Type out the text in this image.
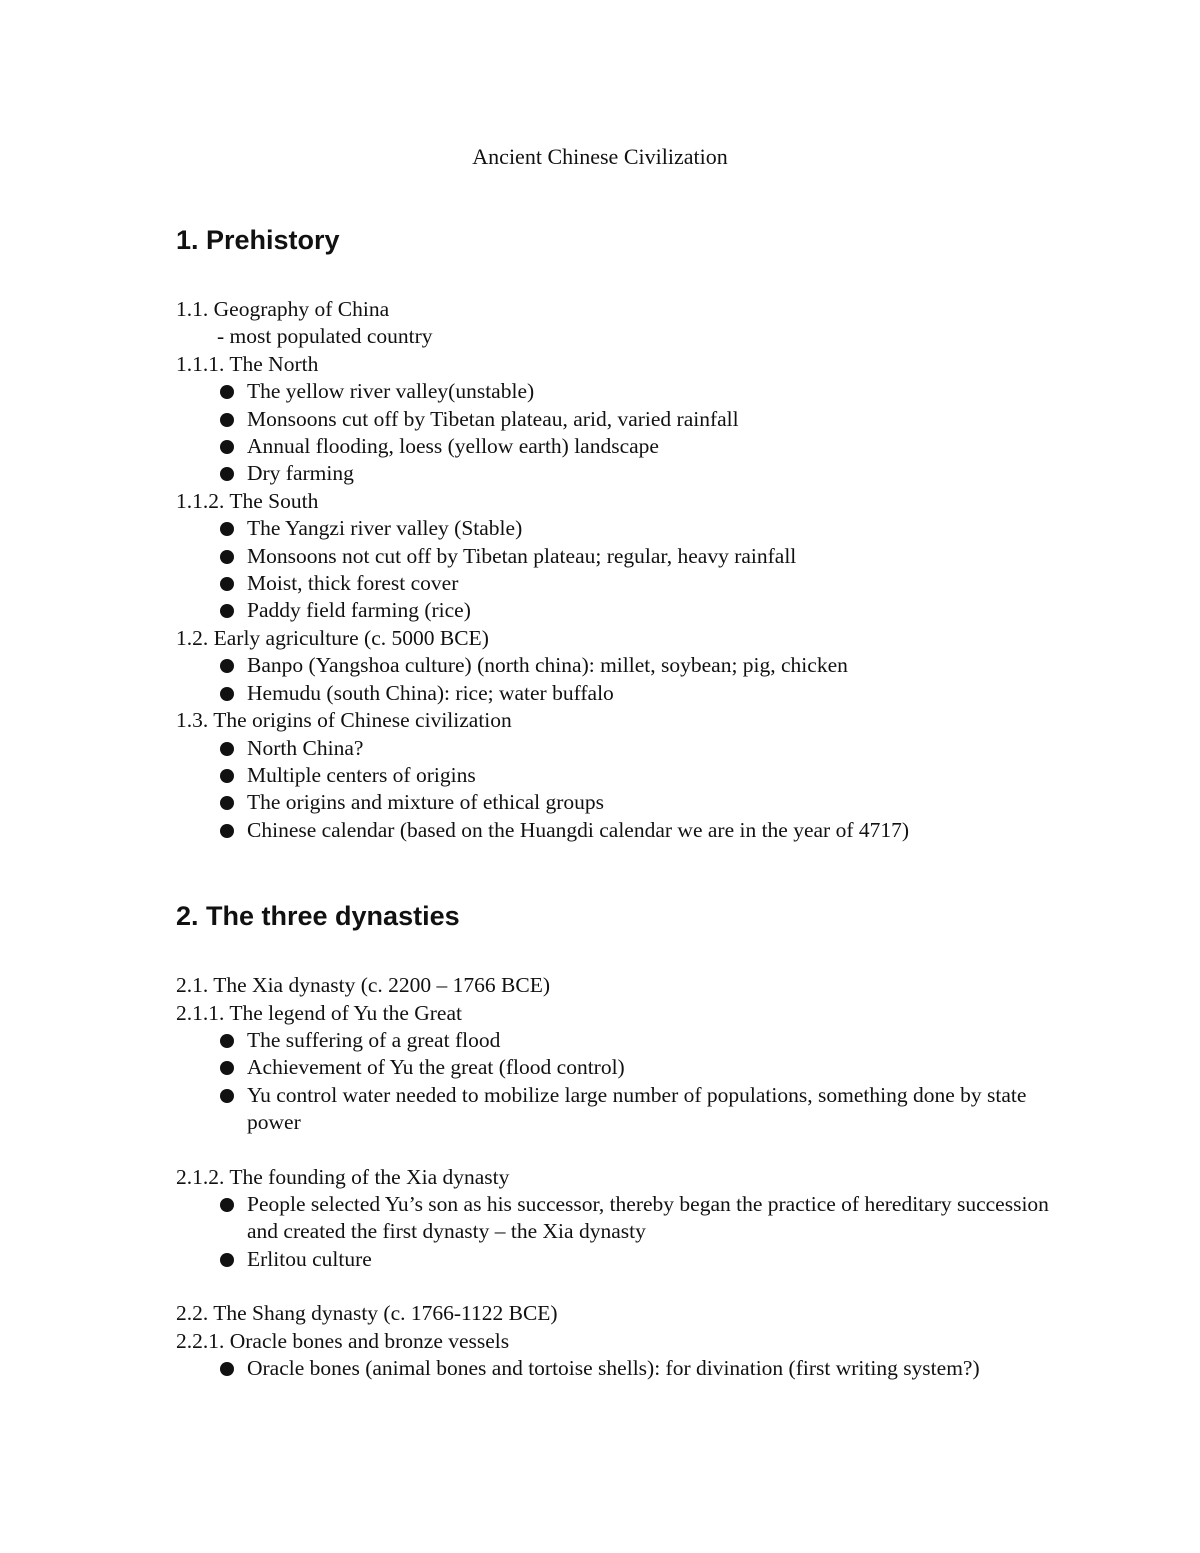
Ancient Chinese Civilization
1. Prehistory
1.1. Geography of China
- most populated country
1.1.1. The North
The yellow river valley(unstable)
Monsoons cut off by Tibetan plateau, arid, varied rainfall
Annual flooding, loess (yellow earth) landscape
Dry farming
1.1.2. The South
The Yangzi river valley (Stable)
Monsoons not cut off by Tibetan plateau; regular, heavy rainfall
Moist, thick forest cover
Paddy field farming (rice)
1.2. Early agriculture (c. 5000 BCE)
Banpo (Yangshoa culture) (north china): millet, soybean; pig, chicken
Hemudu (south China): rice; water buffalo
1.3. The origins of Chinese civilization
North China?
Multiple centers of origins
The origins and mixture of ethical groups
Chinese calendar (based on the Huangdi calendar we are in the year of 4717)
2. The three dynasties
2.1. The Xia dynasty (c. 2200 – 1766 BCE)
2.1.1. The legend of Yu the Great
The suffering of a great flood
Achievement of Yu the great (flood control)
Yu control water needed to mobilize large number of populations, something done by state power
2.1.2. The founding of the Xia dynasty
People selected Yu’s son as his successor, thereby began the practice of hereditary succession and created the first dynasty – the Xia dynasty
Erlitou culture
2.2. The Shang dynasty (c. 1766-1122 BCE)
2.2.1. Oracle bones and bronze vessels
Oracle bones (animal bones and tortoise shells): for divination (first writing system?)
